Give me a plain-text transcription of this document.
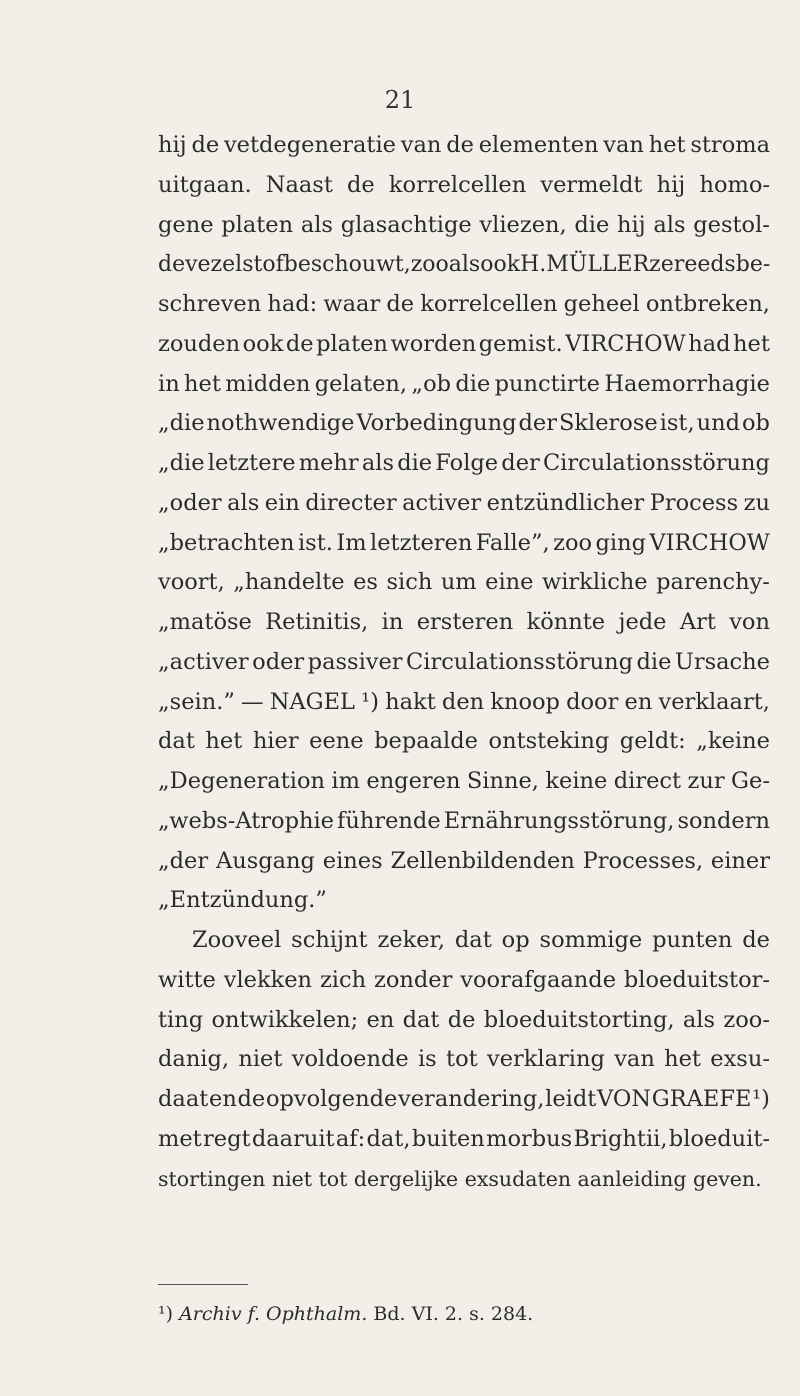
21
hij de vetdegeneratie van de elementen van het stroma
uitgaan. Naast de korrelcellen vermeldt hij homo-
gene platen als glasachtige vliezen, die hij als gestol-
de vezelstof beschouwt, zooals ook H. MÜLLER ze reeds be-
schreven had: waar de korrelcellen geheel ontbreken,
zouden ook de platen worden gemist. VIRCHOW had het
in het midden gelaten, „ob die punctirte Haemorrhagie
„die nothwendige Vorbedingung der Sklerose ist, und ob
„die letztere mehr als die Folge der Circulationsstörung
„oder als ein directer activer entzündlicher Process zu
„betrachten ist. Im letzteren Falle”, zoo ging VIRCHOW
voort, „handelte es sich um eine wirkliche parenchy-
„matöse Retinitis, in ersteren könnte jede Art von
„activer oder passiver Circulationsstörung die Ursache
„sein.” — NAGEL ¹) hakt den knoop door en verklaart,
dat het hier eene bepaalde ontsteking geldt: „keine
„Degeneration im engeren Sinne, keine direct zur Ge-
„webs-Atrophie führende Ernährungsstörung, sondern
„der Ausgang eines Zellenbildenden Processes, einer
„Entzündung.”
Zooveel schijnt zeker, dat op sommige punten de
witte vlekken zich zonder voorafgaande bloeduitstor-
ting ontwikkelen; en dat de bloeduitstorting, als zoo-
danig, niet voldoende is tot verklaring van het exsu-
daat en de opvolgende verandering, leidt VON GRAEFE ¹)
met regt daaruit af: dat, buiten morbus Brightii, bloeduit-
stortingen niet tot dergelijke exsudaten aanleiding geven.
¹) Archiv f. Ophthalm. Bd. VI. 2. s. 284.
